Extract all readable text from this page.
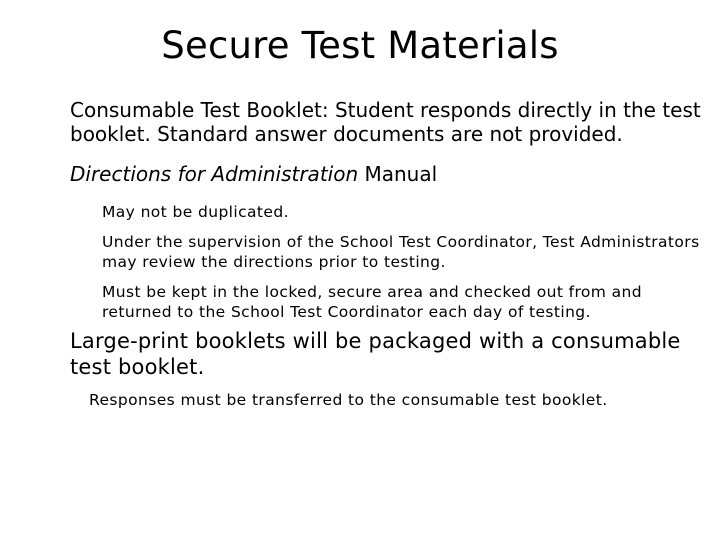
Secure Test Materials

Consumable Test Booklet: Student responds directly in the test booklet. Standard answer documents are not provided.

Directions for Administration Manual

May not be duplicated.

Under the supervision of the School Test Coordinator, Test Administrators may review the directions prior to testing.

Must be kept in the locked, secure area and checked out from and returned to the School Test Coordinator each day of testing.

Large-print booklets will be packaged with a consumable test booklet.

Responses must be transferred to the consumable test booklet.
